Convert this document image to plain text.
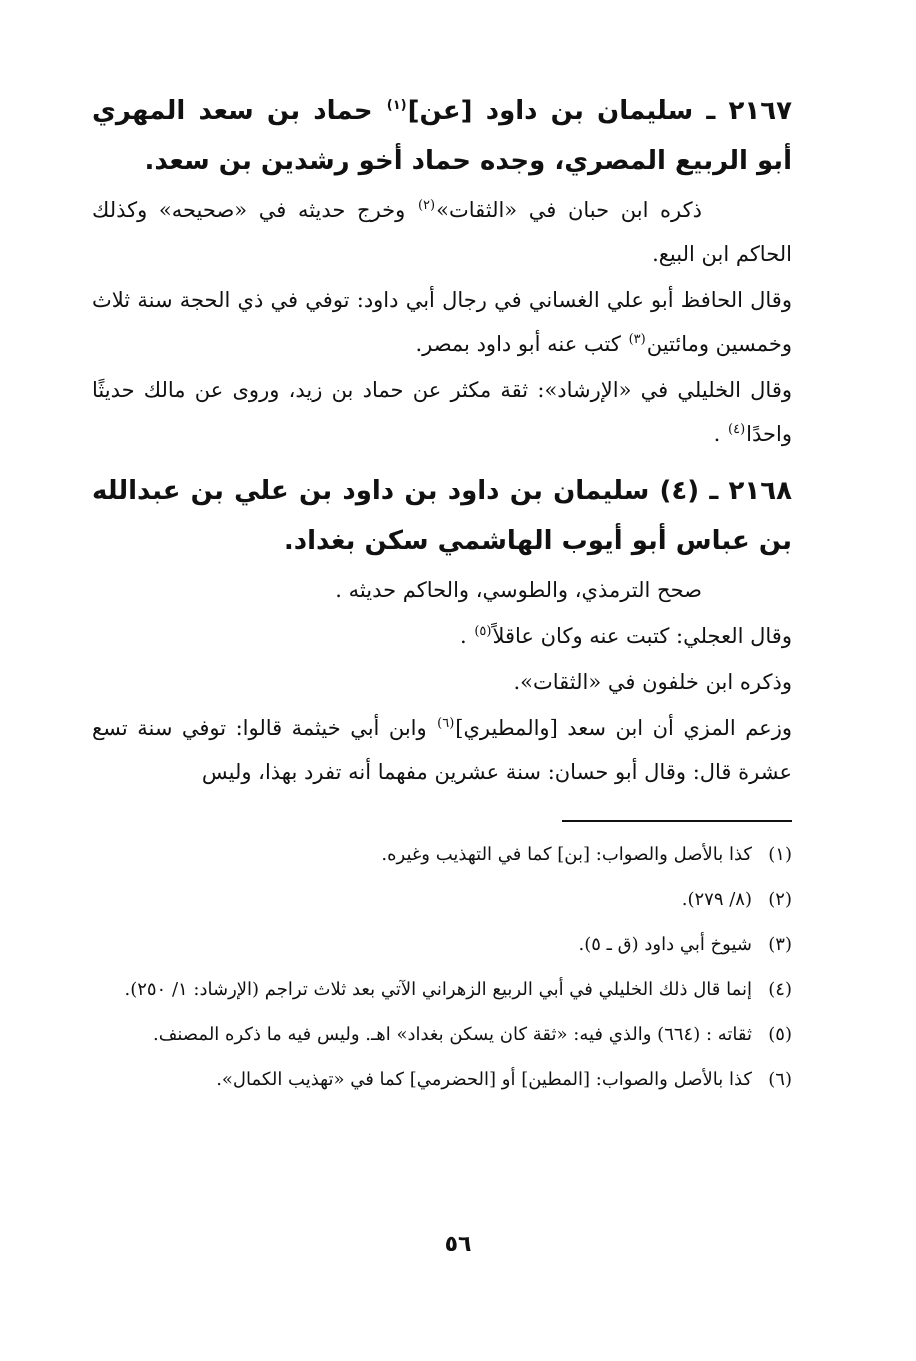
٢١٦٧ ـ سليمان بن داود [عن]$^{(١)}$ حماد بن سعد المهري أبو الربيع المصري، وجده حماد أخو رشدين بن سعد.

ذكره ابن حبان في «الثقات»$^{(٢)}$ وخرج حديثه في «صحيحه» وكذلك الحاكم ابن البيع.

وقال الحافظ أبو علي الغساني في رجال أبي داود: توفي في ذي الحجة سنة ثلاث وخمسين ومائتين$^{(٣)}$ كتب عنه أبو داود بمصر.

وقال الخليلي في «الإرشاد»: ثقة مكثر عن حماد بن زيد، وروى عن مالك حديثًا واحدًا$^{(٤)}$ .

٢١٦٨ ـ (٤) سليمان بن داود بن داود بن علي بن عبدالله بن عباس أبو أيوب الهاشمي سكن بغداد.

صحح الترمذي، والطوسي، والحاكم حديثه .

وقال العجلي: كتبت عنه وكان عاقلاً$^{(٥)}$ .

وذكره ابن خلفون في «الثقات».

وزعم المزي أن ابن سعد [والمطيري]$^{(٦)}$ وابن أبي خيثمة قالوا: توفي سنة تسع عشرة قال: وقال أبو حسان: سنة عشرين مفهما أنه تفرد بهذا، وليس

(١)
كذا بالأصل والصواب: [بن] كما في التهذيب وغيره.
(٢)
(٨/ ٢٧٩).
(٣)
شيوخ أبي داود (ق ـ ٥).
(٤)
إنما قال ذلك الخليلي في أبي الربيع الزهراني الآتي بعد ثلاث تراجم (الإرشاد: ١/ ٢٥٠).
(٥)
ثقاته : (٦٦٤) والذي فيه: «ثقة كان يسكن بغداد» اهـ. وليس فيه ما ذكره المصنف.
(٦)
كذا بالأصل والصواب: [المطين] أو [الحضرمي] كما في «تهذيب الكمال».
٥٦
